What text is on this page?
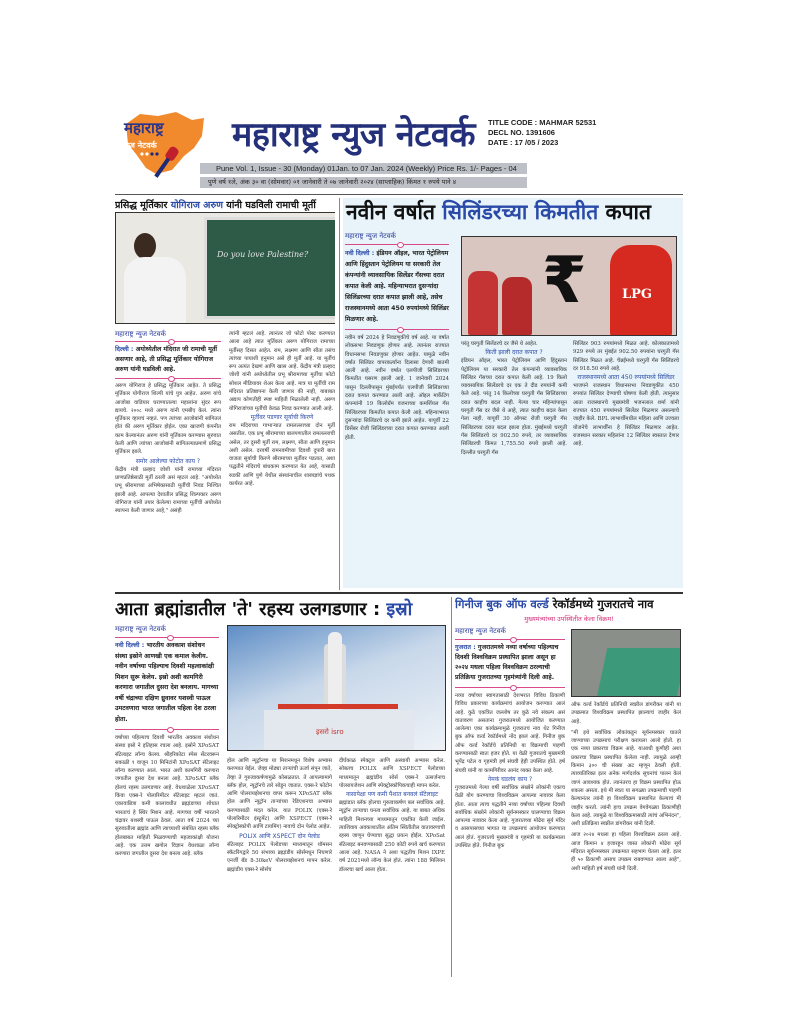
महाराष्ट्र
न्युज नेटवर्क महाराष्ट्र न्युज नेटवर्क TITLE CODE : MAHMAR 52531
DECL NO. 1391606
DATE : 17 /05 / 2023
Pune Vol. 1, Issue - 30 (Monday) 01Jan. to 07 Jan. 2024 (Weekly) Price Rs. 1/- Pages - 04
पुणे वर्ष १ले, अंक ३० वा (सोमवार) ०१ जानेवारी ते ०७ जानेवारी २०२४ (साप्ताहिक) किंमत १ रुपये पाने ४
प्रसिद्ध मूर्तिकार योगिराज अरुण यांनी घडविली रामाची मूर्ती
Do you love Palestine?
महाराष्ट्र न्युज नेटवर्क
दिल्ली : अयोध्येतील मंदिरात जी रामाची मूर्ती असणार आहे, ती प्रसिद्ध मूर्तिकार योगिराज अरुण यांनी घडविली आहे.
अरुण योगिराज हे प्रसिद्ध मूर्तिकार आहेत. ते प्रसिद्ध मूर्तिकार योगीराज शिल्पी यांचे पुत्र आहेत. अरुण यांचे आजोबा वाडियार घराण्यातल्या महालांना सुंदर रूप द्यायचे. २००८ मध्ये अरुण यांनी एमबीए केलं. त्यांना मूर्तिकार व्हायचं नव्हतं. पण त्यांच्या आजोबांनी सांगितलं होतं की अरुण मूर्तिकार होईल. एका खाजगी कंपनीत काम केल्यानंतर अरुण यांनी मूर्तिकाम करण्यास सुरुवात केली आणि त्यांच्या आजोबांनी सांगितल्याप्रमाणे प्रसिद्ध मूर्तिकार झाले.
समोर आलेल्या फोटोत काय ?
केंद्रीय मंत्री प्रल्हाद जोशी यांनी रामाच्या मंदिरात प्राणप्रतिष्ठेसाठी मूर्ती ठरली असं म्हटलं आहे. "अयोध्येत प्रभू श्रीरामाच्या अभिषेकासाठी मूर्तीची निवड निश्चित झाली आहे. आपल्या देशातील प्रसिद्ध शिल्पकार अरुण योगिराज यांनी तयार केलेल्या रामाच्या मूर्तीची अयोध्येत स्थापना केली जाणार आहे," असंही
त्यांनी म्हटलं आहे. त्यानंतर जो फोटो पोस्ट करण्यात आला आहे त्यात मूर्तिकार अरुण योगिराज रामाच्या मूर्तीसह दिसत आहेत. राम, लक्ष्मण आणि सीता तसंच त्यांच्या पायाशी हनुमान असे ही मूर्ती आहे. या मूर्तीचं रूप अत्यंत देखणं आणि खास आहे. केंद्रीय मंत्री प्रल्हाद जोशी यांनी अयोध्येतील प्रभू श्रीरामाच्या मूर्तीचा फोटो सोशल मीडियावर शेअर केला आहे. मात्र या मूर्तीची राम मंदिरात प्रतिष्ठापना केली जाणार की नाही, याबाबत अद्याप कोणतीही स्पष्ट माहिती मिळालेली नाही. अरुण योगिराजांच्या मूर्तीची केवळ निवड करण्यात आली आहे.
मूर्तीवर पडणार सूर्याची किरणे
राम मंदिराच्या गाभाऱ्यात रामलल्लाच्या दोन मूर्ती असतील. एक प्रभू श्रीरामाच्या बालपणातील रामलल्लाची असेल, तर दुसरी मूर्ती राम, लक्ष्मण, सीता आणि हनुमान अशी असेल. दरवर्षी रामनवमीच्या दिवशी दुपारी बारा वाजता सूर्याची किरणे श्रीरामाच्या मूर्तीवर पडतात, अशा पद्धतीने मंदिराचे बांधकाम करण्यात येत आहे, यासाठी रुडकी आणि पुणे येथील संस्थांनाचील शास्त्रज्ञांचे पथक कार्यरत आहे.
नवीन वर्षात सिलिंडरच्या किमतीत कपात
महाराष्ट्र न्युज नेटवर्क
नवी दिल्ली : इंडियन ऑइल, भारत पेट्रोलियम आणि हिंदुस्तान पेट्रोलियम या सरकारी तेल कंपन्यांनी व्यावसायिक सिलेंडर गॅसच्या दरात कपात केली आहे. महिन्याभरात दुसऱ्यांदा सिलिंडरच्या दरात कपात झाली आहे, तसेच राजस्थानमध्ये आता 450 रुपयांमध्ये सिलिंडर मिळणार आहे.
नवीन वर्ष 2024 हे निवडणुकीचे वर्ष आहे. या वर्षात लोकसभा निवडणूक होणार आहे. त्यानंतर राज्यात विधानसभा निवडणुका होणार आहेत. यामुळे नवीन वर्षात सिलिंडर वापरकर्त्यांना दिलासा देणारी बातमी आली आहे. नवीन वर्षात एलपीजी सिलिंडरच्या किमतीत घसरण झाली आहे. 1 जानेवारी 2024 पासून दिल्लीपासून मुंबईपर्यंत एलपीजी सिलिंडरच्या दरात कपात करण्यात आली आहे. ऑइल मार्केटिंग कंपन्यांनी 19 किलोग्रॅम वजनाच्या कमर्शियल गॅस सिलिंडरच्या किमतीत कपात केली आहे. महिन्याभरात दुसऱ्यांदा सिलिंडरचे दर कमी झाले आहेत. यापूर्वी 22 डिसेंबर रोजी सिलिंडरच्या दरात कपात करण्यात आली होती.
₹	LPG
परंतु घरगुती सिलेंडरचे दर जैसे थे आहेत.
किती झाली दरात कपात ?
इंडियन ऑइल, भारत पेट्रोलियम आणि हिंदुस्तान पेट्रोलियम या सरकारी तेल कंपन्यांनी व्यावसायिक सिलिंडर गॅसच्या दरात कपात केली आहे. 19 किलो व्यावसायिक सिलेंडरचे दर एक ते दीड रुपयांनी कमी केले आहे. परंतु 14 किलोच्या घरगुती गॅस सिलिंडरच्या दरात काहीच बदल नाही. गेल्या चार महिन्यांपासून घरगुती गॅस दर जैसे थे आहे, त्यात काहीच बदल केला गेला नाही. यापूर्वी 30 ऑगस्ट रोजी घरगुती गॅस सिलिंडरच्या दरात बदल झाला होता. मुंबईमध्ये घरगुती गॅस सिलिंडरचे दर 902.50 रुपये, तर व्यावसायिक सिलिंडरची किंमत 1,755.50 रुपये झाली आहे. दिल्लीत घरगुती गॅस
सिलिंडर 903 रुपयांमध्ये मिळत आहे. कोलकातामध्ये 929 रुपये तर मुंबईत 902.50 रुपयांना घरगुती गॅस सिलिंडर मिळत आहे. चेन्नईमध्ये घरगुती गॅस सिलिंडरचे दर 918.50 रुपये आहे.
राजस्थानमध्ये आता 450 रुपयांमध्ये सिलिंडर
भाजपने राजस्थान विधानसभा निवडणुकीत 450 रुपयांत सिलिंडर देण्याची घोषणा केली होती. त्यानुसार आता राजस्थानचे मुख्यमंत्री भजनलाल शर्मा यांनी राज्यात 450 रुपयांमध्ये सिलेंडर मिळणार असल्याचे जाहीर केले. BPL लाभार्थीमधील महिला आणि उज्वला योजनेचे लाभार्थींना हे सिलिंडर मिळणार आहेत. राजस्थान सरकार महिलांना 12 सिलिंडर स्वस्तात देणार आहे.
आता ब्रह्मांडातील 'ते' रहस्य उलगडणार : इस्रो
महाराष्ट्र न्युज नेटवर्क
नवी दिल्ली : भारतीय अवकाश संशोधन संस्था इस्रोने आणखी एक कमाल केलीय. नवीन वर्षाच्या पहिल्याच दिवशी महत्वाकांक्षी मिशन सुरू केलेय. इस्रो अशी कामगिरी करणारा जगातील दुसरा देश बनलाय. मागच्या वर्षी चंद्राच्या दक्षिण ध्रुवावर यशस्वी पाऊल उमटवणारा भारत जगातील पहिला देश ठरला होता.
वर्षाच्या पहिल्याच दिवशी भारतीय अवकाश संशोधन संस्था इस्रो ने इतिहास रचला आहे. इस्रोने XPoSAT सॅटेलाइट लॉन्च केलय. श्रीहरिकोटा स्पेस सेंटरवरून सकाळी ९ वाजून 10 मिनिटांनी XPoSAT सॅटेलाइट लॉन्च करण्यात आलं. भारत अशी कामगिरी करणारा जगातील दुसरा देश बनला आहे. XPoSAT ब्लॅक होलचं रहस्य उलगडणार आहे. वेधशाळेला XPoSAT किंवा एक्स-रे पोलारिमीटर सॅटेलाइट म्हटलं जातं. एकावान्नित्रा कमी कालावधीत ब्रह्मांडाच्या शोधात भारताचं हे स्थिर मिशन आहे. मागच्या वर्षी भारताने चंद्रावर यशस्वी पाऊल ठेवलं. आता वर्ष 2024 च्या सुरुवातीला ब्रह्मांड आणि त्याच्याशी संबंधित रहस्य ब्लॅक होलबाबत माहिती मिळवण्याची महत्वाकांक्षी योजना आहे. एक उत्तम खगोल विज्ञान वेधशाळा लॉन्च करणारा जगातील दुसरा देश बनला आहे. ब्लॅक
इसरो isro
होल आणि न्यूट्रॉनचा या मिशनमधून विशेष अभ्यास करण्यात येईल. जेव्हा मोठ्या ताऱ्यांची ऊर्जा संपून जाते, तेव्हा ते गुरुत्वाकर्षणामुळे कोसळतात. ते आपल्यामागे ब्लॅक होल, न्यूट्रॉनचे तारे सोडून जातात. एक्स-रे फोटोन आणि पोलरायझेशनचा वापर करून XPoSAT ब्लॅक होल आणि न्यूट्रॉन ताऱ्यांच्या रेडिएशनचा अभ्यास करण्यासाठी मदत करेल. यात POLIX (एक्स-रे पोलारिमीटर इंस्ट्रूमेंट) आणि XSPECT (एक्स-रे स्पेक्ट्रोस्कोपी आणि टायमिंग) नावाचे दोन पेलोड आहेत.
POLIX आणि XSPECT दोन पेलोड
सॅटेलाइट POLIX पेलोडच्या माध्यमातून थॉमसन स्कॅटरिंगद्वारे 50 संभाव्य ब्रह्मांडीय सोर्समधून निघणारे एनर्जी बँड 8-30keV पोलरायझेशनचं मापन करेल. ब्रह्मांडीय एक्स-रे सोर्सच
दीर्घकाळ स्पेक्ट्रल आणि अस्थायी अभ्यास करेल. सोबतच POLIX आणि XSPECT पेलोडच्या माध्यमातून ब्रह्मांडीय सोर्स एक्स-रे उत्सर्जनाच पोलरायजेशन आणि स्पेक्ट्रोस्कोपिकचाही मापन करेल.
नासापेक्षा पण कमी पैशात बनवलं सॅटेलाइट
ब्रह्मांडात ब्लॅक होलचा गुरुत्वाकर्षण बल सर्वाधिक आहे. न्यूट्रॉन ताऱ्याचा घनत्व सर्वाधिक आहे. या बाबत अधिक माहिती मिशनच्या माध्यमातून एकत्रित केली जाईल. त्याशिवाय अवकाशातील अंतिम स्थितीतील वातावरणाची रहस्य जाणून घेण्याचा सुद्धा प्रयत्न होईल. XPoSat सॅटेलाइट बनवण्यासाठी 250 कोटी रुपये खर्च करण्यात आला आहे. NASA ने अशा पद्धतीच मिशन IXPE वर्ष 2021मध्ये लॉन्च केलं होतं. त्यांना 188 मिलियन डॉलरचा खर्च आला होता.
गिनीज बुक ऑफ वर्ल्ड रेकॉर्डमध्ये गुजरातचे नाव
मुख्यमंत्र्यांच्या उपस्थितीत केला विक्रम!
महाराष्ट्र न्युज नेटवर्क
गुजरात : गुजरातमध्ये नव्या वर्षाच्या पहिल्याच दिवशी विश्वविक्रम प्रस्थापित झाला असून हा २०२४ मधला पहिला विश्वविक्रम ठरल्याची प्रतिक्रिया गुजरातच्या गृहमंत्र्यांनी दिली आहे.
नव्या वर्षाच्या स्वागतासाठी देशभरात विविध ठिकाणी विविध प्रकारच्या कार्यक्रमांचं आयोजन करण्यात आलं आहे. कुठे एकत्रित जल्लोष तर कुठे नवे संकल्प असं वातावरण असताना गुजरातमध्ये आयोजित करण्यात आलेल्या एका कार्यक्रमामुळे गुजरातचं नाव थेट गिनीज बुक ऑफ वर्ल्ड रेकॉर्डमध्ये नोंद झालं आहे. गिनीज बुक ऑफ वर्ल्ड रेकॉर्डचे प्रतिनिधी या विक्रमाची पाहणी करण्यासाठी स्वतः हजर होते. या वेळी गुजरातचे मुख्यमंत्री भूपेंद्र पटेल व गृहमंत्री हर्ष संघवी हेही उपस्थित होते. हर्ष संघवी यांनी या कामगिरीवर आनंद व्यक्त केला आहे.
नेमकं घडलंय काय ?
गुजरातमध्ये गेल्या वर्षी सर्वाधिक संख्येने लोकांनी एकाच वेळी योग करण्याचा विश्वविक्रम आपल्या नावावर केला होता. आता त्याच पद्धतीने नव्या वर्षाच्या पहिल्या दिवशी सर्वाधिक संख्येने लोकांनी सूर्यनमस्कार घालण्याचा विक्रम आपल्या नावावर केला आहे. गुजरातच्या मोढेरा सूर्य मंदिर व आसपासच्या भागात या उपक्रमाचं आयोजन करण्यात आलं होतं. गुजरातचे मुख्यमंत्री व गृहमंत्री या कार्यक्रमाला उपस्थित होते. गिनीज बुक
ऑफ वर्ल्ड रेकॉर्डचे प्रतिनिधी स्वप्नील डांगरीकर यांनी या उपक्रमात विश्वविक्रम प्रस्थापित झाल्याचं जाहीर केलं आहे.
"मी इथे सर्वाधिक लोकांकडून सूर्यनमस्कार घातले जाण्याच्या उपक्रमाचं परीक्षण करायला आलो होतो. हा एक नव्या प्रकारचा विक्रम आहे. याआधी कुणीही अशा प्रकारचा विक्रम प्रस्थापित केलेला नाही. त्यामुळे आम्ही किमान ३०० ची संख्या अट म्हणून ठेवली होती. त्याव्यतिरिक्त इतर अनेक मार्गदर्शक सूचनांचं पालन केलं जाणं आवश्यक होतं. त्यानंतरच हा विक्रम प्रस्थापित होऊ शकला असता. इथे मी स्वतः या सगळ्या उपक्रमाची पाहणी केल्यानंतर त्यांनी हा विश्वविक्रम प्रस्थापित केल्याचं मी जाहीर करतो. त्यांनी हाच उपक्रम वेगवेगळ्या ठिकाणीही केला आहे. त्यामुळे या विश्वविक्रमासाठी त्यांचं अभिनंदन", अशी प्रतिक्रिया स्वप्नील डांगरीकर यांनी दिली.
आज २०२४ मधला हा पहिला विश्वविक्रम ठरला आहे. आज किमान ४ हजारहून जास्त लोकांनी मोढेरा सूर्य मंदिरात सूर्यनमस्कार उपक्रमात सहभाग घेतला आहे. इतर ही ५० ठिकाणी असाच उपक्रम राबवण्यात आला आहे", अशी माहिती हर्ष संघवी यांनी दिली.
